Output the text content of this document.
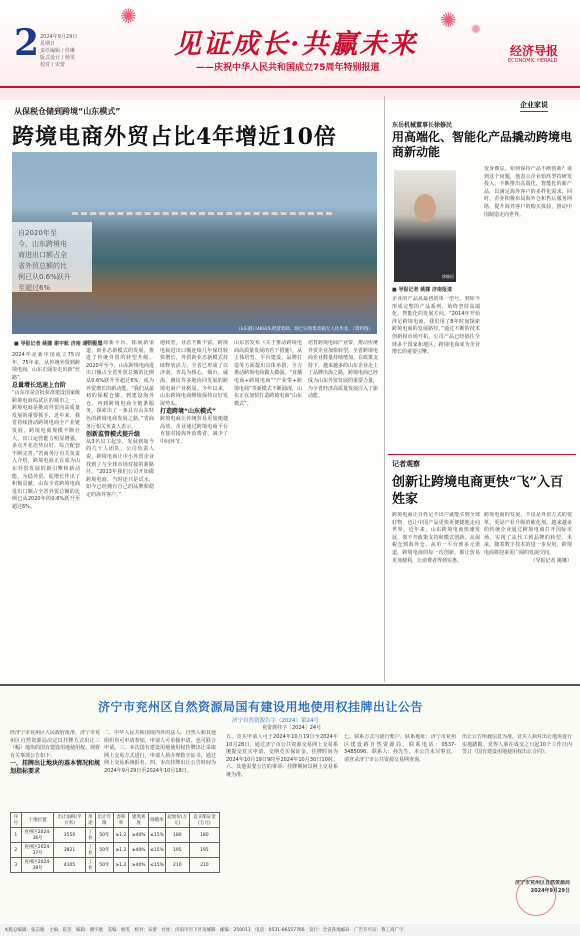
✺	✺ ✹
2 2024年9月29日
星期日
责任编辑 / 侯琳
版式设计 / 杨雯
校对 / 宋蕾
见证成长·共赢未来
——庆祝中华人民共和国成立75周年特别报道
经济导报
ECONOMIC HERALD
从保税仓储到跨境“山东模式”
跨境电商外贸占比4年增近10倍
自2020年至
今，山东跨境电
商进出口额占全
省外贸总额的比
例已从0.6%跃升
至超过6%
山东港口4K码头智慧装卸，现已实现集装箱无人化作业。（资料图）
■ 导报记者 姚娜 谢宇航 济南 通讯报道
2024年是新中国成立75周年，75年来，从传统外贸到跨境电商，山东正阔步走出新“丝路”。
总量增长迅速上台阶
“山东市是首批获准建设国家级跨境电商综试区的城市之一，跨境电商是推动外贸向高质量发展的重要抓手。近年来，我省持续推动跨境电商全产业链发展，跨境电商规模不断壮大，出口运营能力明显增强，多点开花态势良好，综合配套不断完善。”省商务厅有关负责人介绍，跨境电商正在成为山东外贸发展的新引擎和新动能，为稳外贸、促增长作出了积极贡献。山东全省跨境电商进出口额占全省外贸总额的比例已从2020年的0.6%跃升至超过6%。
跨境电商新平台、拓展新渠道、新业态新模式的发展，推进了传统外贸的转型升级。2020年至今，山东跨境电商进出口额占全省外贸总额的比例从0.6%跃升至超过6%，成为外贸增长的新动能。“我们从最初的保税仓储，到建设海外仓，再到跨境电商全链条服务，探索出了一条具有山东特色的跨境电商发展之路。”省商务厅相关负责人表示。
创新监管模式提升级
从3名员工起步，发展到如今的几十人团队，公司负责人说，跨境电商让中小外贸企业找到了与全球市场对接的新路径。“2013年我们公司开始做跨境电商，当时还只是试水，如今已经拥有自己的品牌和稳定的海外客户。”
地转型，业态不断丰富。跨境电商进出口额连续几年保持较快增长，外贸新业态新模式持续释放活力。全省已形成了以济南、青岛为核心，烟台、威海、潍坊等多地协同发展的跨境电商产业格局。今年以来，山东跨境电商继续保持良好发展势头。
打造跨境“山东模式”
跨境电商让传统贸易更加便捷高效，企业通过跨境电商平台直接对接海外消费者，减少了中间环节。
山东省发布《关于推动跨境电商高质量发展的若干措施》，从主体培育、平台建设、品牌打造等方面提出具体举措，全力推动跨境电商做大做强。“直播电商+跨境电商”“产业带+跨境电商”等新模式不断涌现，山东正在加快打造跨境电商“山东模式”。
培育跨境电商产业带，推动传统外贸企业加快转型，全省跨境电商企业数量持续增加。在政策支持下，越来越多的山东企业走上了品牌出海之路，跨境电商已经成为山东外贸发展的重要力量，为全省经济高质量发展注入了新动能。
企业家说
东岳机械董事长徐修民
用高端化、智能化产品撬动跨境电商新动能
徐修民
■ 导报记者 姚娜 济南报道
企业的产品从最初的单一型号，到如今形成完整的产品系列，始终坚持高端化、智能化的发展方向。“2014年开始涉足跨境电商，我们用了8年时间探索跨境电商的发展路径。”通过不断的技术创新和市场开拓，公司产品已经销往全球多个国家和地区，跨境电商成为企业增长的重要引擎。
变身叠层，如何保持产品不断创新？谈到这个问题，他表示企业始终坚持研发投入，不断推出高端化、智能化的新产品，以满足海外客户的多样化需求。同时，企业积极布局海外仓和售后服务网络，提升海外客户的购买体验，推动中国制造走向世界。
记者观察
创新让跨境电商更快“飞”入百姓家
跨境电商让百姓足不出户就能买到全球好物，也让中国产品更快更便捷地走向世界。近年来，山东跨境电商快速发展，离不开政策支持和模式创新。从保税仓到海外仓，从单一平台到多元渠道，跨境电商的每一次创新，都让贸易更加便利，让消费者得到实惠。
跨境电商的发展，不仅是外贸方式的变革，更是产业升级的催化剂。越来越多的传统企业通过跨境电商打开国际市场，实现了从代工到品牌的转型。未来，随着数字技术的进一步应用，跨境电商将迎来更广阔的发展空间。
（导报记者 姚娜）
济宁市兖州区自然资源局国有建设用地使用权挂牌出让公告
济宁自然资源告字（2024）第24号
兖资规挂字［2024］24号
经济宁市兖州区人民政府批准，济宁市兖州区自然资源局决定以挂牌方式出让三（幅）地块的国有建设用地使用权。现将有关事项公告如下：
一、挂牌出让地块的基本情况和规划指标要求
序号	土地位置	出让面积(平方米)	用途	出让年限	容积率	建筑密度	绿地率	起始价(万元)	竞买保证金(万元)
1	兖州区2024-36号	3550	工业	50年	≥1.2	≥40%	≤15%	180	180
2	兖州区2024-37号	3821	工业	50年	≥1.2	≥40%	≤15%	195	195
3	兖州区2024-38号	4105	工业	50年	≥1.2	≥40%	≤15%	210	210
二、中华人民共和国境内外的法人、自然人和其他组织均可申请参加，申请人可单独申请，也可联合申请。三、本次国有建设用地使用权挂牌出让采取网上交易方式进行，申请人须办理数字证书，通过网上交易系统报名。四、本次挂牌出让公告时间为2024年9月29日至2024年10月18日。
五、竞买申请人可于2024年10月19日至2024年10月28日，通过济宁市公共资源交易网上交易系统提交竞买申请，交纳竞买保证金。挂牌时间为2024年10月19日9时至2024年10月30日10时。六、其他需要公告的事项：挂牌期间以网上交易系统为准。
七、联系方式与银行账户。联系地址：济宁市兖州区建设路自然资源局。联系电话：0537-3485096。联系人：孙先生。本公告未尽事宜，请登录济宁市公共资源交易网查询。
出让公告所载信息为准，竞买人须对出让地块进行实地踏勘。竞得人须在成交之日起10个工作日内签订《国有建设用地使用权出让合同》。
济宁市兖州区自然资源局
2024年9月29日
本版总编辑：张志敏　主编：崔杰　编辑：谢宇航　美编：杨雯　校对：宋蕾　社址：济南市历下区泉城路　邮编：250011　电话：0531-86557766　发行：全省各地邮局　广告许可证：鲁工商广字
